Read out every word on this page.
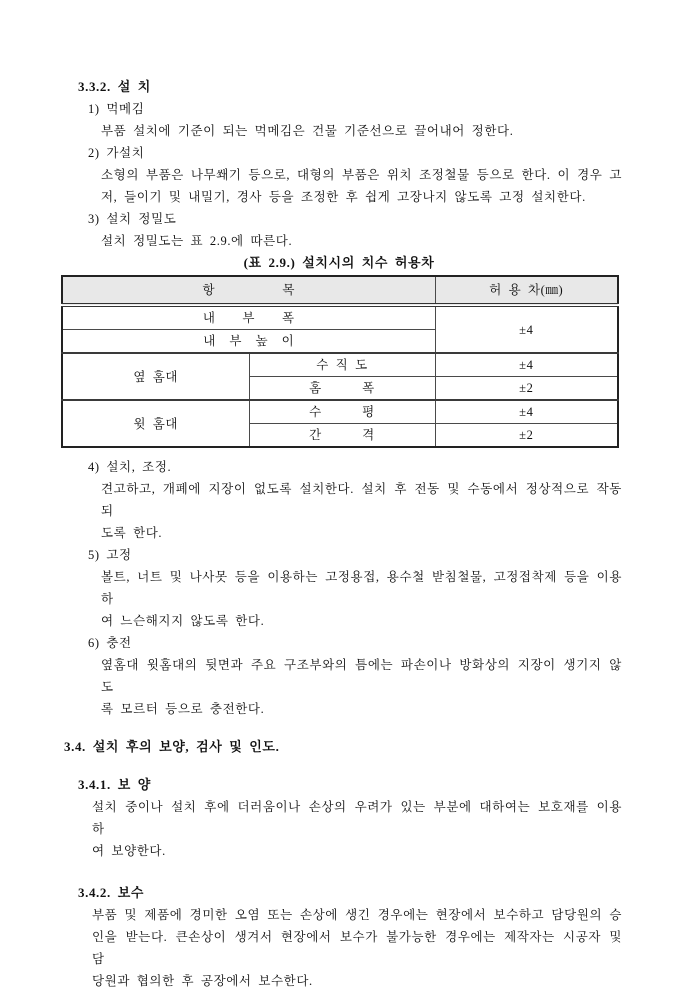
3.3.2. 설 치
1) 먹메김
부품 설치에 기준이 되는 먹메김은 건물 기준선으로 끌어내어 정한다.
2) 가설치
소형의 부품은 나무쐐기 등으로, 대형의 부품은 위치 조정철물 등으로 한다. 이 경우 고
저, 들이기 및 내밀기, 경사 등을 조정한 후 쉽게 고장나지 않도록 고정 설치한다.
3) 설치 정밀도
설치 정밀도는 표 2.9.에 따른다.
(표 2.9.) 설치시의 치수 허용차
항          목		허 용 차(㎜)
내    부    폭		±4
내  부  높  이		
옆 홈대	수 직 도	±4
	홈      폭	±2
윗 홈대	수      평	±4
	간      격	±2
4) 설치, 조정.
견고하고, 개폐에 지장이 없도록 설치한다. 설치 후 전동 및 수동에서 정상적으로 작동되
도록 한다.
5) 고정
볼트, 너트 및 나사못 등을 이용하는 고정용접, 용수철 받침철물, 고정접착제 등을 이용하
여 느슨해지지 않도록 한다.
6) 충전
옆홈대 윗홈대의 뒷면과 주요 구조부와의 틈에는 파손이나 방화상의 지장이 생기지 않도
록 모르터 등으로 충전한다.
3.4. 설치 후의 보양, 검사 및 인도.
3.4.1. 보 양
설치 중이나 설치 후에 더러움이나 손상의 우려가 있는 부분에 대하여는 보호재를 이용하
여 보양한다.
3.4.2. 보수
부품 및 제품에 경미한 오염 또는 손상에 생긴 경우에는 현장에서 보수하고 담당원의 승
인을 받는다. 큰손상이 생겨서 현장에서 보수가 불가능한 경우에는 제작자는 시공자 및 담
당원과 협의한 후 공장에서 보수한다.
